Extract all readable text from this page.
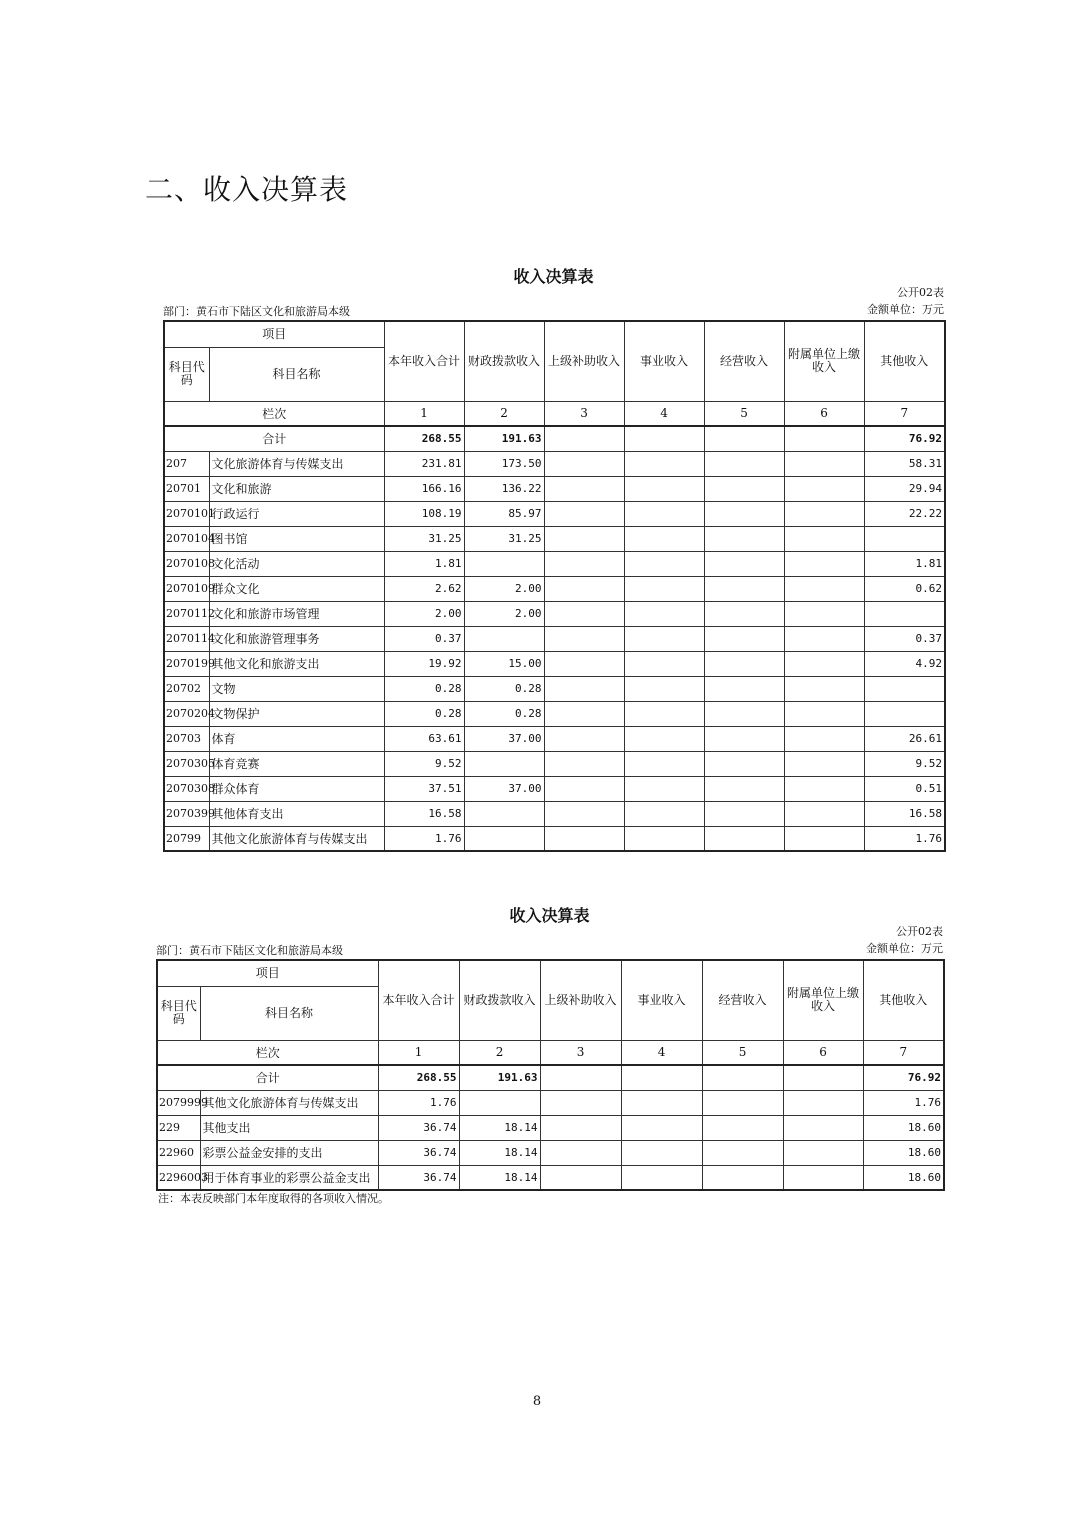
二、收入决算表
收入决算表
公开02表
部门：黄石市下陆区文化和旅游局本级	金额单位：万元
项目		本年收入合计	财政拨款收入	上级补助收入	事业收入	经营收入	附属单位上缴收入	其他收入
科目代码	科目名称							
栏次		1	2	3	4	5	6	7
合计		268.55	191.63					76.92
207	文化旅游体育与传媒支出	231.81	173.50					58.31
20701	文化和旅游	166.16	136.22					29.94
2070101	行政运行	108.19	85.97					22.22
2070104	图书馆	31.25	31.25					
2070108	文化活动	1.81						1.81
2070109	群众文化	2.62	2.00					0.62
2070112	文化和旅游市场管理	2.00	2.00					
2070114	文化和旅游管理事务	0.37						0.37
2070199	其他文化和旅游支出	19.92	15.00					4.92
20702	文物	0.28	0.28					
2070204	文物保护	0.28	0.28					
20703	体育	63.61	37.00					26.61
2070305	体育竞赛	9.52						9.52
2070308	群众体育	37.51	37.00					0.51
2070399	其他体育支出	16.58						16.58
20799	其他文化旅游体育与传媒支出	1.76						1.76
收入决算表
公开02表
部门：黄石市下陆区文化和旅游局本级	金额单位：万元
项目		本年收入合计	财政拨款收入	上级补助收入	事业收入	经营收入	附属单位上缴收入	其他收入
科目代码	科目名称							
栏次		1	2	3	4	5	6	7
合计		268.55	191.63					76.92
2079999	其他文化旅游体育与传媒支出	1.76						1.76
229	其他支出	36.74	18.14					18.60
22960	彩票公益金安排的支出	36.74	18.14					18.60
2296003	用于体育事业的彩票公益金支出	36.74	18.14					18.60
注：本表反映部门本年度取得的各项收入情况。
8
